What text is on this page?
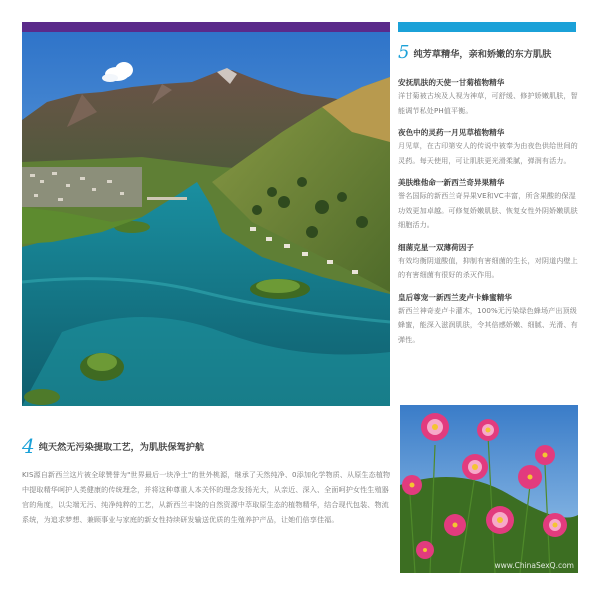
5 纯芳草精华，亲和娇嫩的东方肌肤
安抚肌肤的天使一甘菊植物精华
洋甘菊被古埃及人视为神草，可舒缓、修护娇嫩肌肤，智能调节私处PH值平衡。
夜色中的灵药一月见草植物精华
月见草，在古印第安人的传说中被奉为由夜色供给世间的灵药。每天使用，可让肌肤更光滑柔腻，弹润有活力。
美肤维他命一新西兰奇异果精华
誉名国际的新西兰奇异果VE和VC丰富，所含果酸的保湿功效更加卓越。可修复娇嫩肌肤、恢复女性外阴娇嫩肌肤细胞活力。
细菌克星一双薄荷因子
有效均衡阴道酸值，抑制有害细菌的生长，对阴道内壁上的有害细菌有很好的杀灭作用。
皇后尊宠一新西兰麦卢卡蜂蜜精华
新西兰神奇麦卢卡灌木，100%无污染绿色蜂场产出顶级蜂蜜，能深入滋润肌肤，令其倍感娇嫩、细腻、光滑、有弹性。
www.ChinaSexQ.com
4 纯天然无污染提取工艺，为肌肤保驾护航
KIS源自新西兰这片被全球赞誉为"世界最后一块净土"的世外桃源，继承了天然纯净、0添加化学物质、从原生态植物中提取精华呵护人类健康的传统理念，并将这种尊重人本关怀的理念发扬光大，从亲近、深入、全面呵护女性生殖器官的角度，以尖端无污、纯净纯粹的工艺，从新西兰丰饶的自然资源中萃取原生态的植物精华，结合现代包装、物流系统，为追求梦想、兼顾事业与家庭的新女性持续研发输送优质的生殖养护产品，让她们倍享佳福。
